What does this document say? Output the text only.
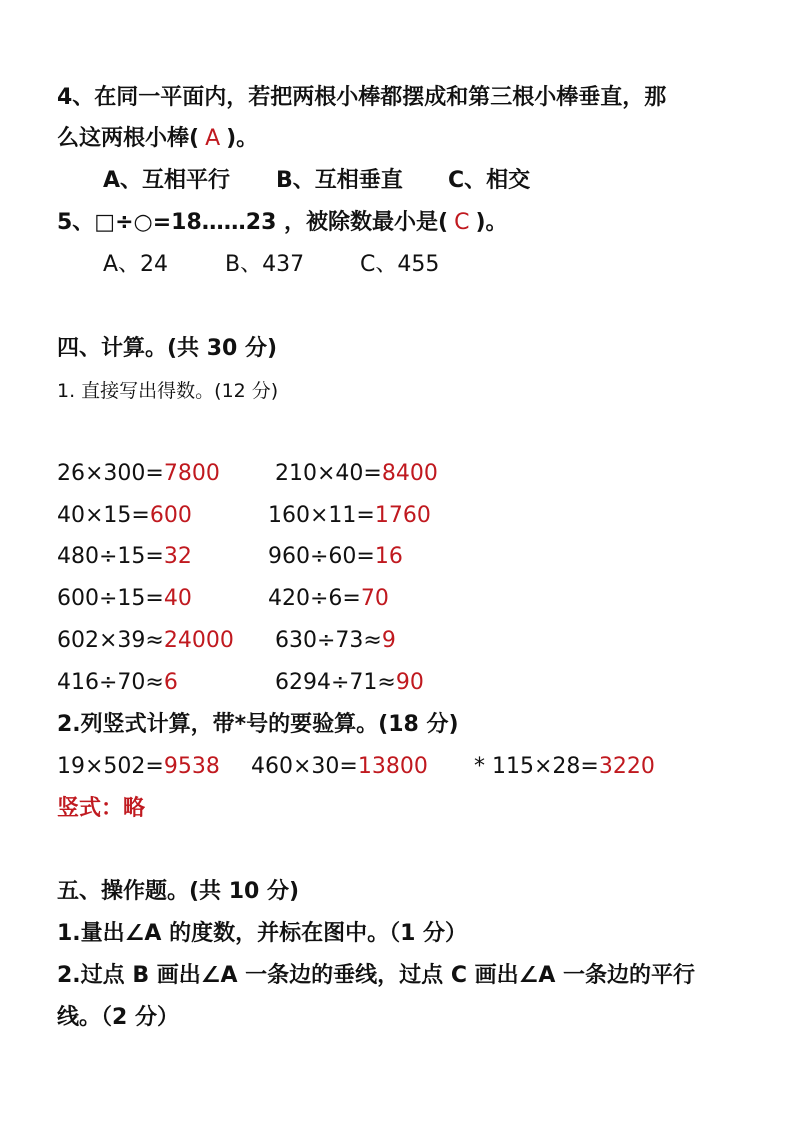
4、在同一平面内，若把两根小棒都摆成和第三根小棒垂直，那
么这两根小棒( A )。
A、互相平行 B、互相垂直 C、相交
5、□÷○=18……23 ，被除数最小是( C )。
A、24	B、437	C、455
四、计算。(共 30 分)
1. 直接写出得数。(12 分)
26×300=7800	210×40=8400
40×15=600	160×11=1760
480÷15=32	960÷60=16
600÷15=40	420÷6=70
602×39≈24000 630÷73≈9
416÷70≈6	6294÷71≈90
2.列竖式计算，带*号的要验算。(18 分)
19×502=9538 460×30=13800 * 115×28=3220
竖式：略
五、操作题。(共 10 分)
1.量出∠A 的度数，并标在图中。（1 分）
2.过点 B 画出∠A 一条边的垂线，过点 C 画出∠A 一条边的平行
线。（2 分）
